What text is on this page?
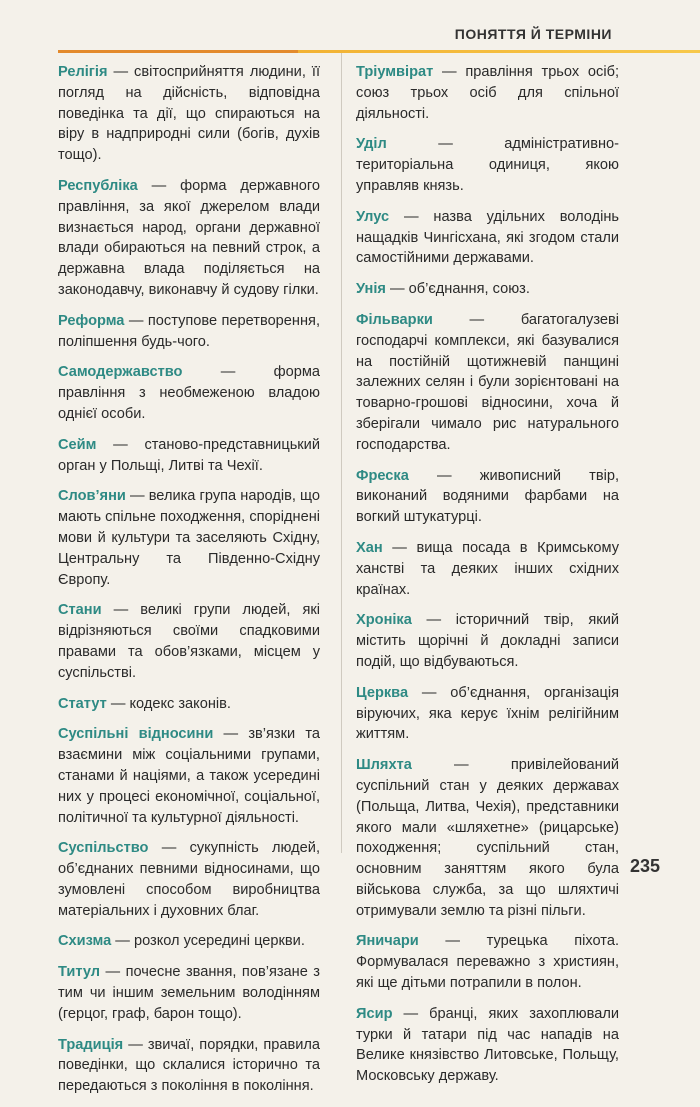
ПОНЯТТЯ Й ТЕРМІНИ

Релігія — світосприйняття людини, її погляд на дійсність, відповідна поведінка та дії, що спираються на віру в надприродні сили (богів, духів тощо).

Республіка — форма державного правління, за якої джерелом влади визнається народ, органи державної влади обираються на певний строк, а державна влада поділяється на законодавчу, виконавчу й судову гілки.

Реформа — поступове перетворення, поліпшення будь-чого.

Самодержавство — форма правління з необмеженою владою однієї особи.

Сейм — станово-представницький орган у Польщі, Литві та Чехії.

Слов’яни — велика група народів, що мають спільне походження, споріднені мови й культури та заселяють Східну, Центральну та Південно-Східну Європу.

Стани — великі групи людей, які відрізняються своїми спадковими правами та обов’язками, місцем у суспільстві.

Статут — кодекс законів.

Суспільні відносини — зв’язки та взаємини між соціальними групами, станами й націями, а також усередині них у процесі економічної, соціальної, політичної та культурної діяльності.

Суспільство — сукупність людей, об’єднаних певними відносинами, що зумовлені способом виробництва матеріальних і духовних благ.

Схизма — розкол усередині церкви.

Титул — почесне звання, пов’язане з тим чи іншим земельним володінням (герцог, граф, барон тощо).

Традиція — звичаї, порядки, правила поведінки, що склалися історично та передаються з покоління в покоління.

Тріумвірат — правління трьох осіб; союз трьох осіб для спільної діяльності.

Уділ — адміністративно-територіальна одиниця, якою управляв князь.

Улус — назва удільних володінь нащадків Чингісхана, які згодом стали самостійними державами.

Унія — об’єднання, союз.

Фільварки — багатогалузеві господарчі комплекси, які базувалися на постійній щотижневій панщині залежних селян і були зорієнтовані на товарно-грошові відносини, хоча й зберігали чимало рис натурального господарства.

Фреска — живописний твір, виконаний водяними фарбами на вогкий штукатурці.

Хан — вища посада в Кримському ханстві та деяких інших східних країнах.

Хроніка — історичний твір, який містить щорічні й докладні записи подій, що відбуваються.

Церква — об’єднання, організація віруючих, яка керує їхнім релігійним життям.

Шляхта — привілейований суспільний стан у деяких державах (Польща, Литва, Чехія), представники якого мали «шляхетне» (рицарське) походження; суспільний стан, основним заняттям якого була військова служба, за що шляхтичі отримували землю та різні пільги.

Яничари — турецька піхота. Формувалася переважно з християн, які ще дітьми потрапили в полон.

Ясир — бранці, яких захоплювали турки й татари під час нападів на Велике князівство Литовське, Польщу, Московську державу.

235
